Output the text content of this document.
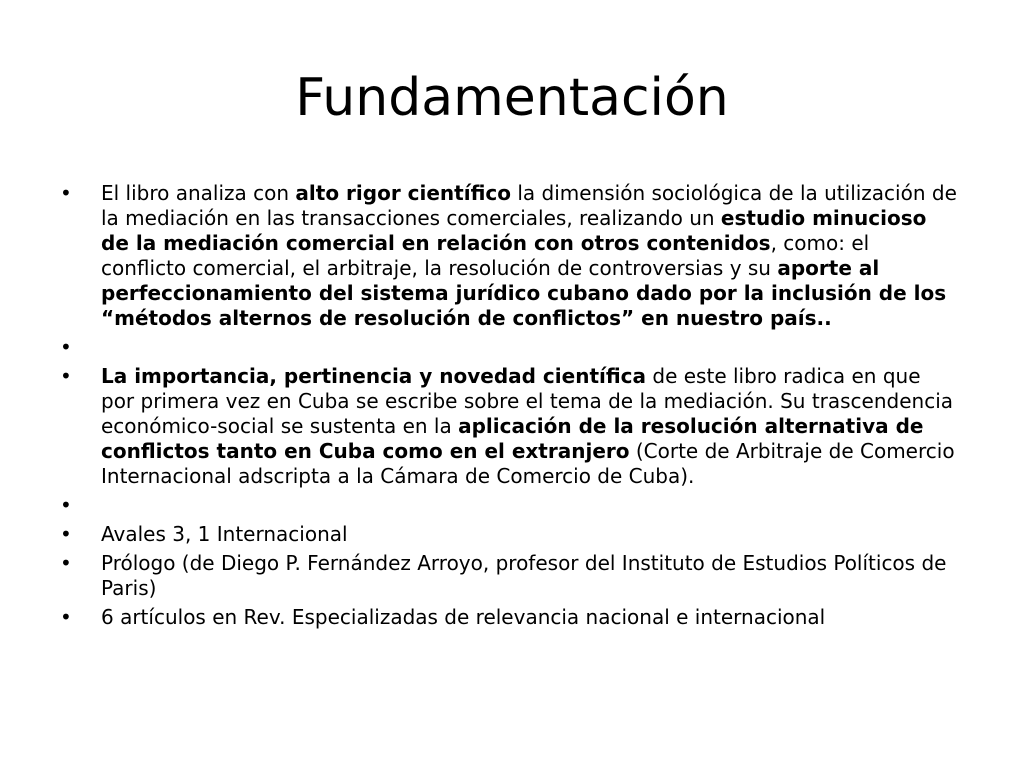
Fundamentación
•	El libro analiza con alto rigor científico la dimensión sociológica de la utilización de la mediación en las transacciones comerciales, realizando un estudio minucioso de la mediación comercial en relación con otros contenidos, como: el conflicto comercial, el arbitraje, la resolución de controversias y su aporte al perfeccionamiento del sistema jurídico cubano dado por la inclusión de los “métodos alternos de resolución de conflictos” en nuestro país..
•
•	La importancia, pertinencia y novedad científica de este libro radica en que por primera vez en Cuba se escribe sobre el tema de la mediación. Su trascendencia económico-social se sustenta en la aplicación de la resolución alternativa de conflictos tanto en Cuba como en el extranjero (Corte de Arbitraje de Comercio Internacional adscripta a la Cámara de Comercio de Cuba).
•
•	Avales 3, 1 Internacional
•	Prólogo (de Diego P. Fernández Arroyo, profesor del Instituto de Estudios Políticos de Paris)
•	6 artículos en Rev. Especializadas de relevancia nacional e internacional
